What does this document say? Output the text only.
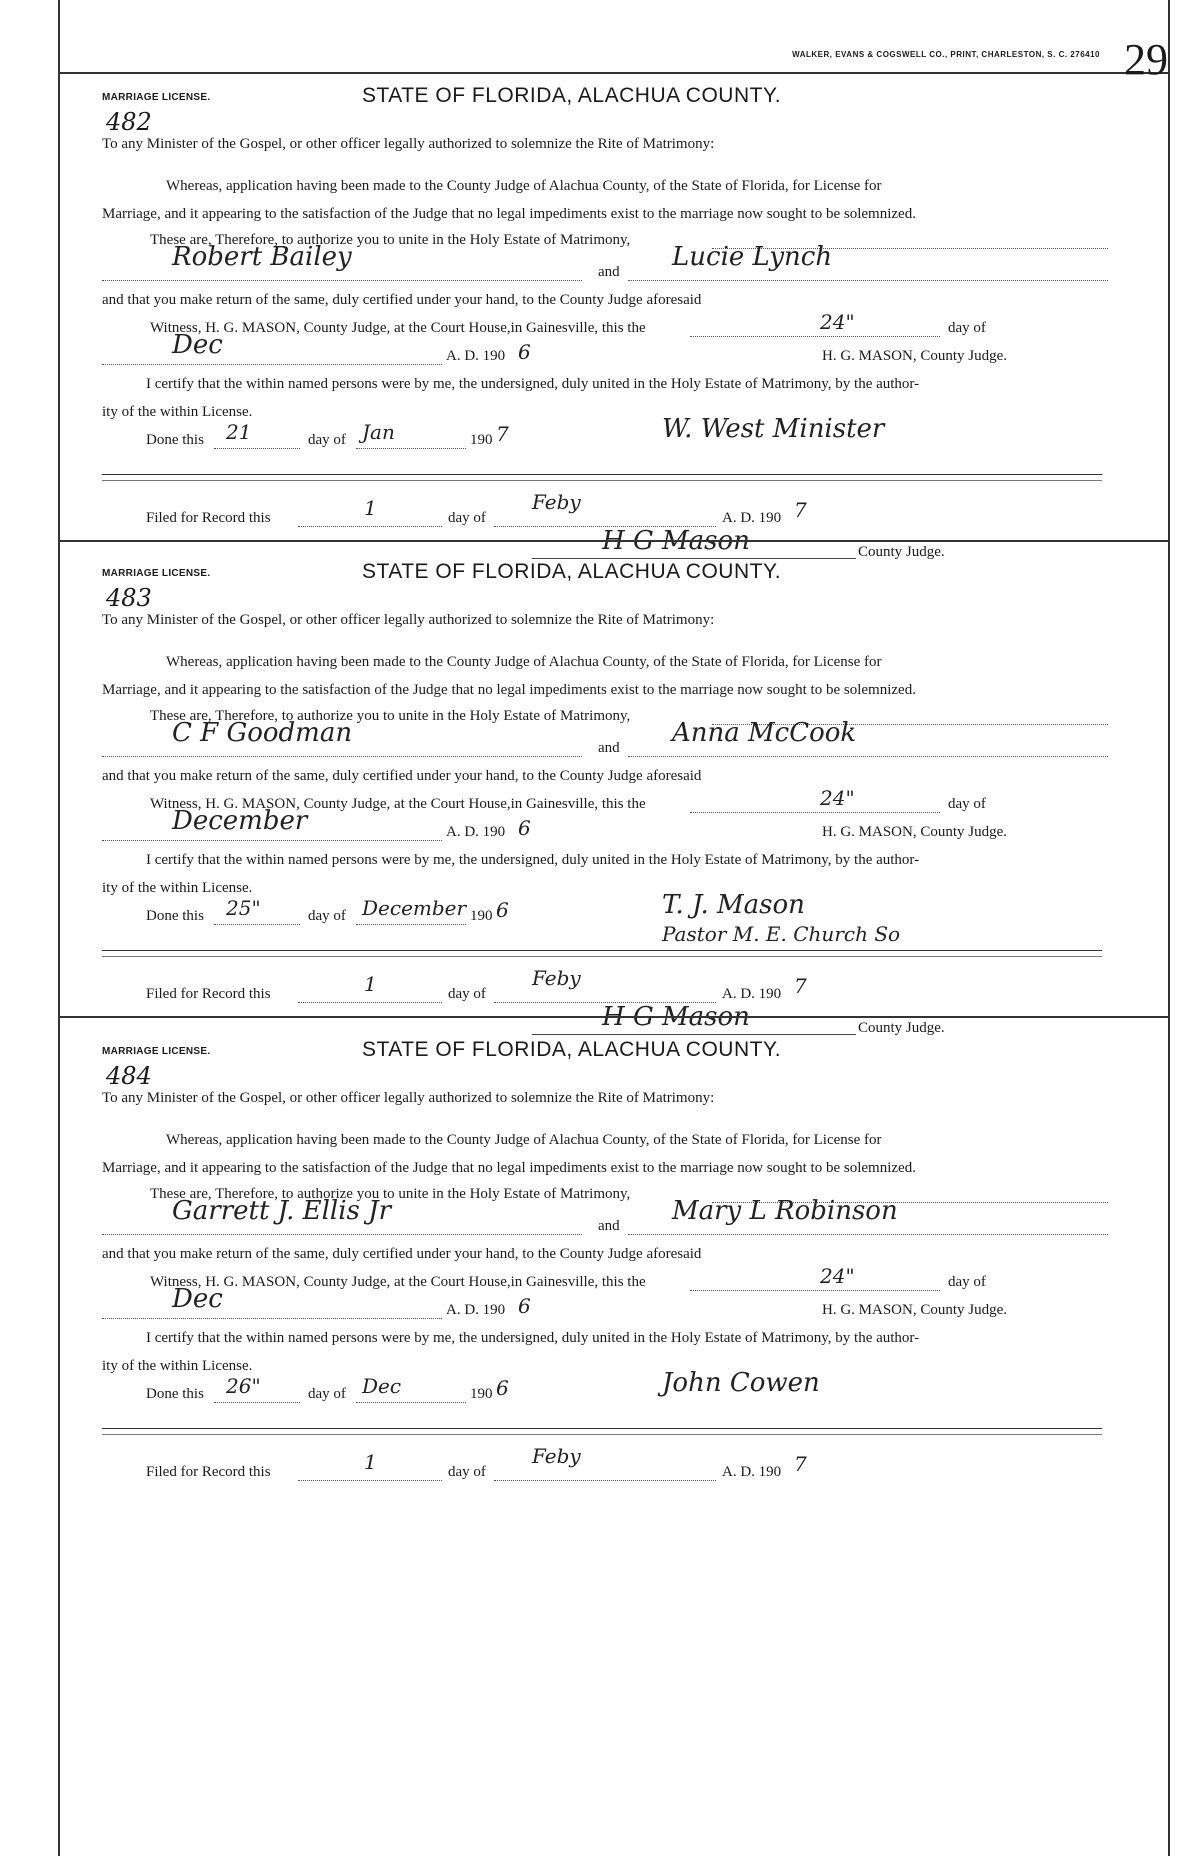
WALKER, EVANS & COGSWELL CO., PRINT, CHARLESTON, S. C. 276410 29
MARRIAGE LICENSE.	STATE OF FLORIDA, ALACHUA COUNTY.
482
To any Minister of the Gospel, or other officer legally authorized to solemnize the Rite of Matrimony:
Whereas, application having been made to the County Judge of Alachua County, of the State of Florida, for License for
Marriage, and it appearing to the satisfaction of the Judge that no legal impediments exist to the marriage now sought to be solemnized.
These are, Therefore, to authorize you to unite in the Holy Estate of Matrimony,
Robert Bailey	and Lucie Lynch
and that you make return of the same, duly certified under your hand, to the County Judge aforesaid
Witness, H. G. MASON, County Judge, at the Court House,in Gainesville, this the	24"	day of
Dec	A. D. 190 6	H. G. MASON, County Judge.
I certify that the within named persons were by me, the undersigned, duly united in the Holy Estate of Matrimony, by the author-
ity of the within License.
Done this 21	day of Jan	190 7	W. West Minister
Filed for Record this	1	day of
Feby
A. D. 190 7
H G Mason	County Judge.
MARRIAGE LICENSE.	STATE OF FLORIDA, ALACHUA COUNTY.
483
To any Minister of the Gospel, or other officer legally authorized to solemnize the Rite of Matrimony:
Whereas, application having been made to the County Judge of Alachua County, of the State of Florida, for License for
Marriage, and it appearing to the satisfaction of the Judge that no legal impediments exist to the marriage now sought to be solemnized.
These are, Therefore, to authorize you to unite in the Holy Estate of Matrimony,
C F Goodman	and Anna McCook
and that you make return of the same, duly certified under your hand, to the County Judge aforesaid
Witness, H. G. MASON, County Judge, at the Court House,in Gainesville, this the	24"	day of
December	A. D. 190 6	H. G. MASON, County Judge.
I certify that the within named persons were by me, the undersigned, duly united in the Holy Estate of Matrimony, by the author-
ity of the within License.
Done this 25"	day of December 190 6	T. J. Mason
Pastor M. E. Church So
Filed for Record this	1	day of
Feby
A. D. 190 7
H G Mason	County Judge.
MARRIAGE LICENSE.	STATE OF FLORIDA, ALACHUA COUNTY.
484
To any Minister of the Gospel, or other officer legally authorized to solemnize the Rite of Matrimony:
Whereas, application having been made to the County Judge of Alachua County, of the State of Florida, for License for
Marriage, and it appearing to the satisfaction of the Judge that no legal impediments exist to the marriage now sought to be solemnized.
These are, Therefore, to authorize you to unite in the Holy Estate of Matrimony,
Garrett J. Ellis Jr	and Mary L Robinson
and that you make return of the same, duly certified under your hand, to the County Judge aforesaid
Witness, H. G. MASON, County Judge, at the Court House,in Gainesville, this the	24"	day of
Dec	A. D. 190 6	H. G. MASON, County Judge.
I certify that the within named persons were by me, the undersigned, duly united in the Holy Estate of Matrimony, by the author-
ity of the within License.
Done this 26"	day of Dec	190 6	John Cowen
Filed for Record this	1	day of
Feby
A. D. 190 7
